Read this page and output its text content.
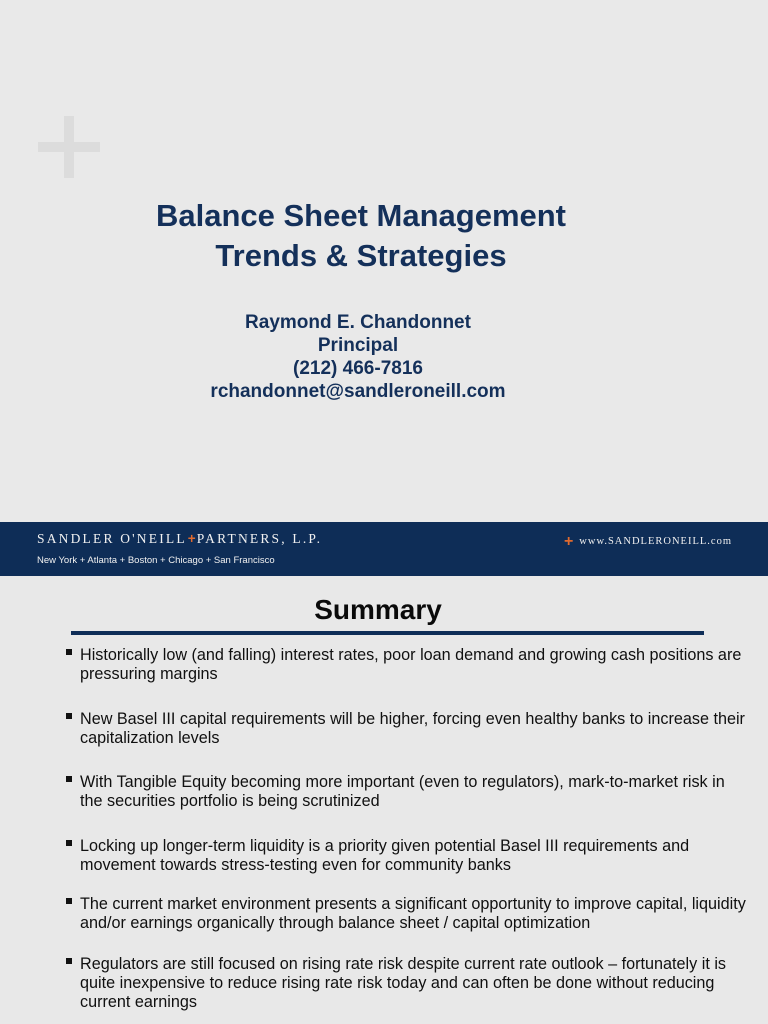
Balance Sheet Management
Trends & Strategies
Raymond E. Chandonnet
Principal
(212) 466-7816
rchandonnet@sandleroneill.com
SANDLER O'NEILL+PARTNERS, L.P.
New York + Atlanta + Boston + Chicago + San Francisco
+ www.SANDLERONEILL.com
Summary
Historically low (and falling) interest rates, poor loan demand and growing cash positions are pressuring margins
New Basel III capital requirements will be higher, forcing even healthy banks to increase their capitalization levels
With Tangible Equity becoming more important (even to regulators), mark-to-market risk in the securities portfolio is being scrutinized
Locking up longer-term liquidity is a priority given potential Basel III requirements and movement towards stress-testing even for community banks
The current market environment presents a significant opportunity to improve capital, liquidity and/or earnings organically through balance sheet / capital optimization
Regulators are still focused on rising rate risk despite current rate outlook – fortunately it is quite inexpensive to reduce rising rate risk today and can often be done without reducing current earnings
